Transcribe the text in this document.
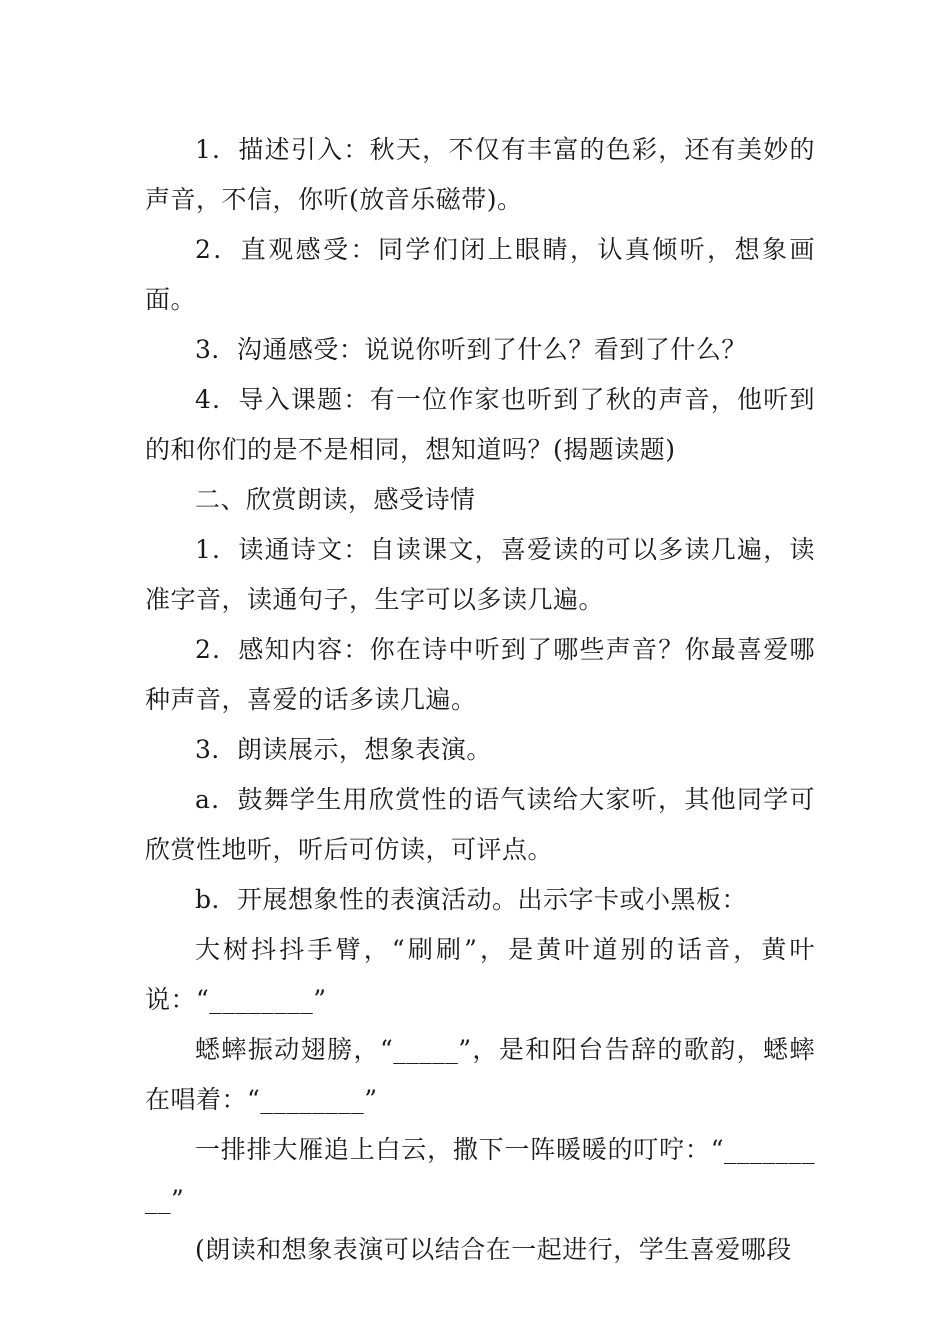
1．描述引入：秋天，不仅有丰富的色彩，还有美妙的声音，不信，你听(放音乐磁带)。

2．直观感受：同学们闭上眼睛，认真倾听，想象画面。

3．沟通感受：说说你听到了什么？看到了什么？

4．导入课题：有一位作家也听到了秋的声音，他听到的和你们的是不是相同，想知道吗？(揭题读题)

二、欣赏朗读，感受诗情

1．读通诗文：自读课文，喜爱读的可以多读几遍，读准字音，读通句子，生字可以多读几遍。

2．感知内容：你在诗中听到了哪些声音？你最喜爱哪种声音，喜爱的话多读几遍。

3．朗读展示，想象表演。

a．鼓舞学生用欣赏性的语气读给大家听，其他同学可欣赏性地听，听后可仿读，可评点。

b．开展想象性的表演活动。出示字卡或小黑板：

大树抖抖手臂，“刷刷”，是黄叶道别的话音，黄叶说：“________”

蟋蟀振动翅膀，“_____”，是和阳台告辞的歌韵，蟋蟀在唱着：“________”

一排排大雁追上白云，撒下一阵暖暖的叮咛：“_________”

(朗读和想象表演可以结合在一起进行，学生喜爱哪段
